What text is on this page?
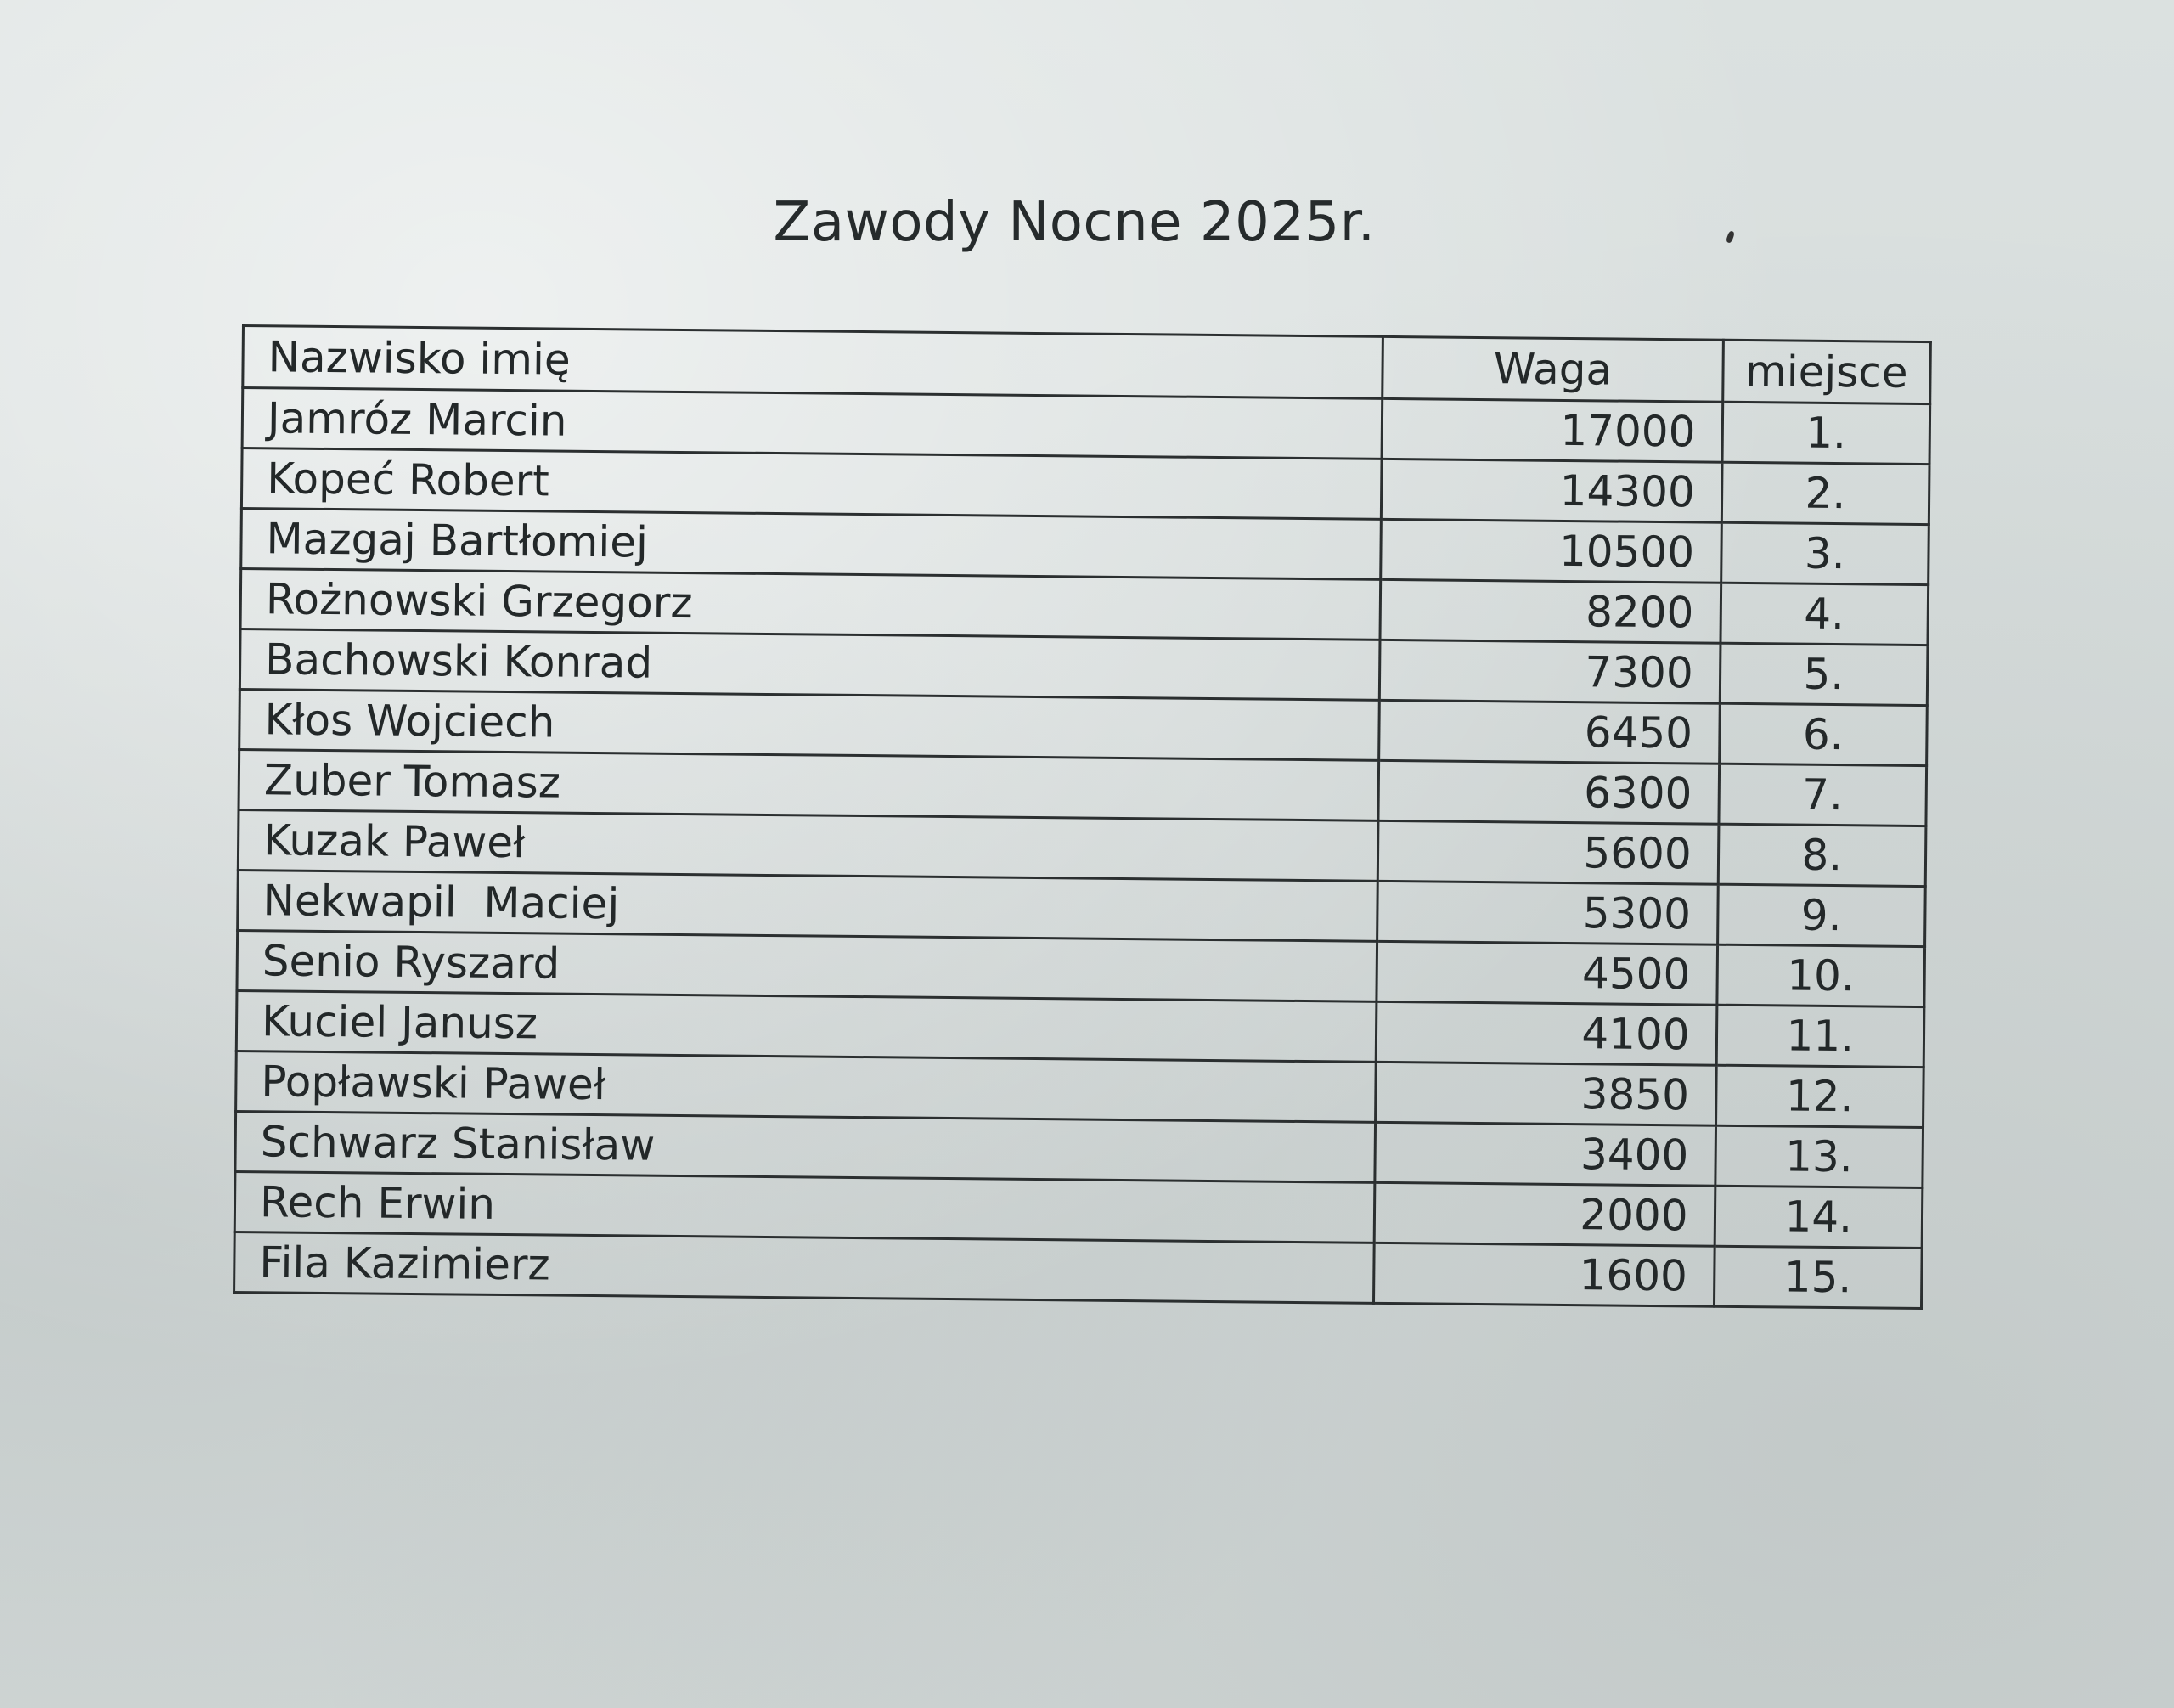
Zawody Nocne 2025r.
Nazwisko imię	Waga	miejsce
Jamróz Marcin	17000	1.
Kopeć Robert	14300	2.
Mazgaj Bartłomiej	10500	3.
Rożnowski Grzegorz	8200	4.
Bachowski Konrad	7300	5.
Kłos Wojciech	6450	6.
Zuber Tomasz	6300	7.
Kuzak Paweł	5600	8.
Nekwapil  Maciej	5300	9.
Senio Ryszard	4500	10.
Kuciel Janusz	4100	11.
Popławski Paweł	3850	12.
Schwarz Stanisław	3400	13.
Rech Erwin	2000	14.
Fila Kazimierz	1600	15.
